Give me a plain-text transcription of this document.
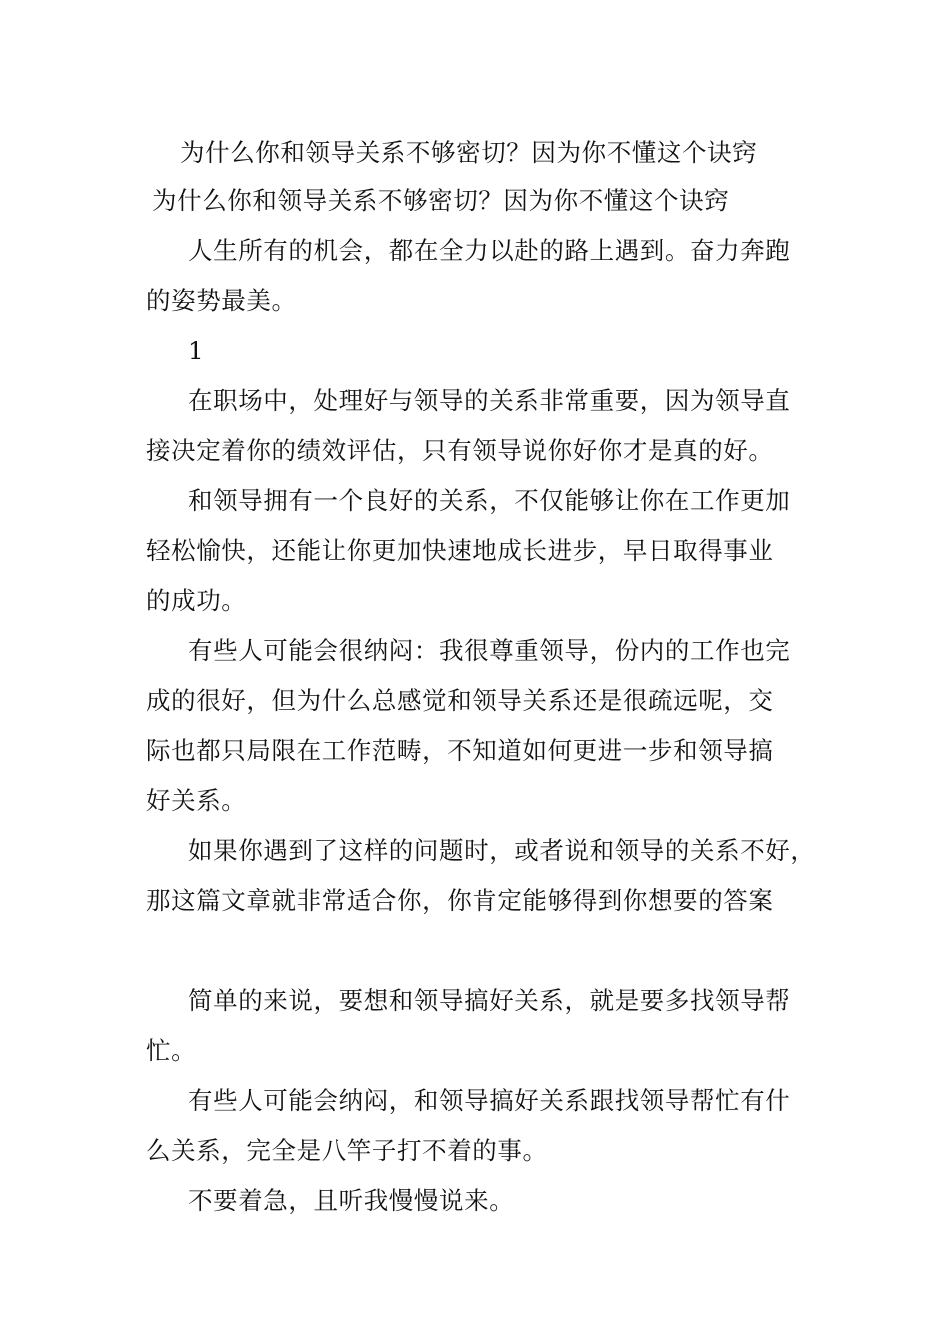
为什么你和领导关系不够密切？因为你不懂这个诀窍
为什么你和领导关系不够密切？因为你不懂这个诀窍
人生所有的机会，都在全力以赴的路上遇到。奋力奔跑
的姿势最美。
1
在职场中，处理好与领导的关系非常重要，因为领导直
接决定着你的绩效评估，只有领导说你好你才是真的好。
和领导拥有一个良好的关系，不仅能够让你在工作更加
轻松愉快，还能让你更加快速地成长进步，早日取得事业
的成功。
有些人可能会很纳闷：我很尊重领导，份内的工作也完
成的很好，但为什么总感觉和领导关系还是很疏远呢，交
际也都只局限在工作范畴，不知道如何更进一步和领导搞
好关系。
如果你遇到了这样的问题时，或者说和领导的关系不好，
那这篇文章就非常适合你，你肯定能够得到你想要的答案
简单的来说，要想和领导搞好关系，就是要多找领导帮
忙。
有些人可能会纳闷，和领导搞好关系跟找领导帮忙有什
么关系，完全是八竿子打不着的事。
不要着急，且听我慢慢说来。
